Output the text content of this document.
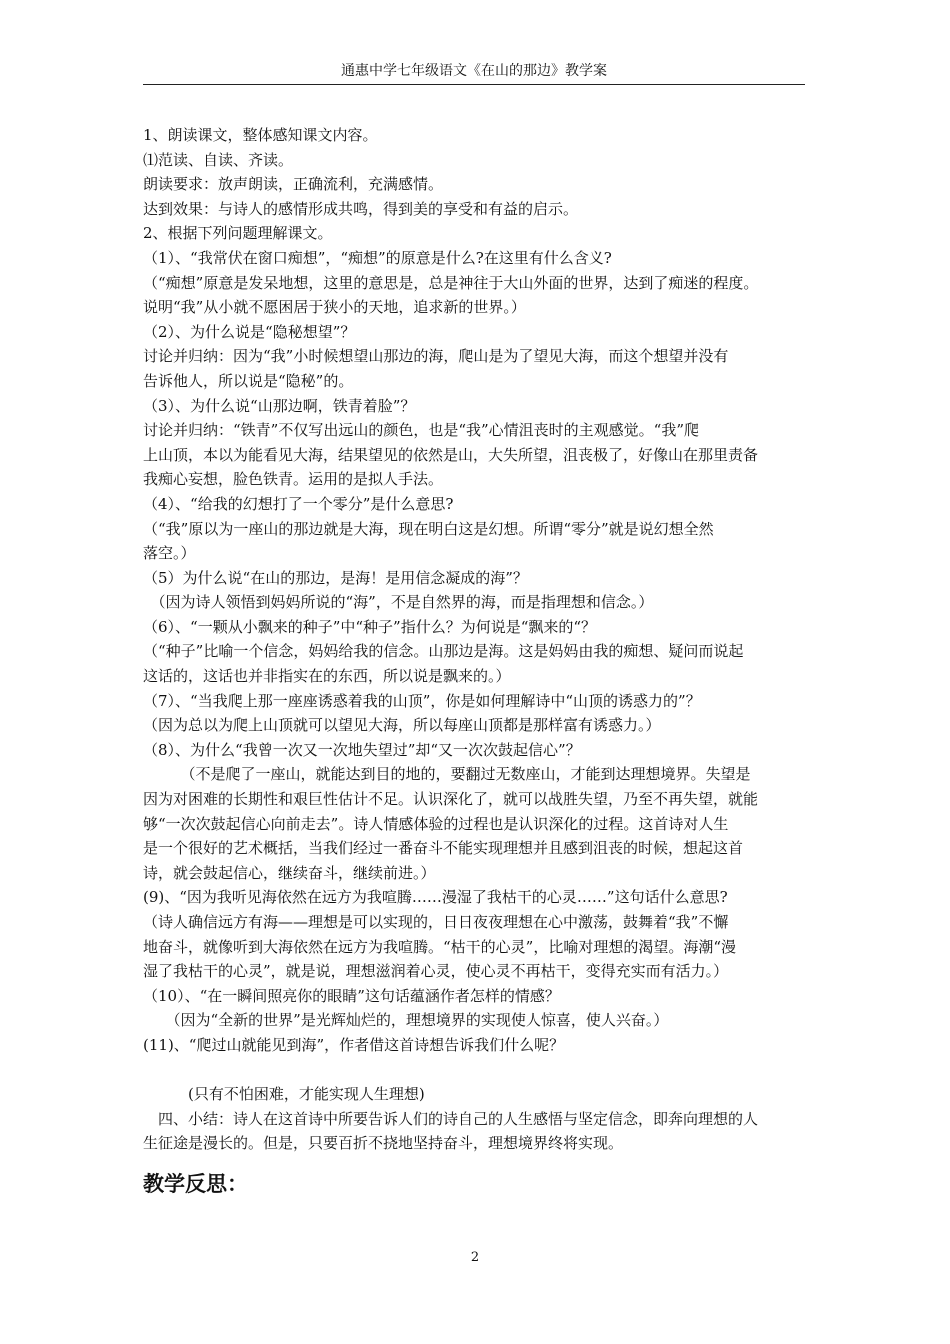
通惠中学七年级语文《在山的那边》教学案
1、朗读课文，整体感知课文内容。
⑴范读、自读、齐读。
朗读要求：放声朗读，正确流利，充满感情。
达到效果：与诗人的感情形成共鸣，得到美的享受和有益的启示。
2、根据下列问题理解课文。
（1）、“我常伏在窗口痴想”，“痴想”的原意是什么?在这里有什么含义?
（“痴想”原意是发呆地想，这里的意思是，总是神往于大山外面的世界，达到了痴迷的程度。
说明“我”从小就不愿困居于狭小的天地，追求新的世界。）
（2）、为什么说是“隐秘想望”？
讨论并归纳：因为“我”小时候想望山那边的海，爬山是为了望见大海，而这个想望并没有
告诉他人，所以说是“隐秘”的。
（3）、为什么说“山那边啊，铁青着脸”？
讨论并归纳：“铁青”不仅写出远山的颜色，也是“我”心情沮丧时的主观感觉。“我”爬
上山顶，本以为能看见大海，结果望见的依然是山，大失所望，沮丧极了，好像山在那里责备
我痴心妄想，脸色铁青。运用的是拟人手法。
（4）、“给我的幻想打了一个零分”是什么意思?
（“我”原以为一座山的那边就是大海，现在明白这是幻想。所谓“零分”就是说幻想全然
落空。）
（5）为什么说“在山的那边，是海！是用信念凝成的海”？
　（因为诗人领悟到妈妈所说的“海”，不是自然界的海，而是指理想和信念。）
（6）、“一颗从小飘来的种子”中“种子”指什么？为何说是“飘来的“？
（“种子”比喻一个信念，妈妈给我的信念。山那边是海。这是妈妈由我的痴想、疑问而说起
这话的，这话也并非指实在的东西，所以说是飘来的。）
（7）、“当我爬上那一座座诱惑着我的山顶”，你是如何理解诗中“山顶的诱惑力的”？
（因为总以为爬上山顶就可以望见大海，所以每座山顶都是那样富有诱惑力。）
（8）、为什么“我曾一次又一次地失望过”却“又一次次鼓起信心”？
　　　（不是爬了一座山，就能达到目的地的，要翻过无数座山，才能到达理想境界。失望是
因为对困难的长期性和艰巨性估计不足。认识深化了，就可以战胜失望，乃至不再失望，就能
够“一次次鼓起信心向前走去”。诗人情感体验的过程也是认识深化的过程。这首诗对人生
是一个很好的艺术概括，当我们经过一番奋斗不能实现理想并且感到沮丧的时候，想起这首
诗，就会鼓起信心，继续奋斗，继续前进。）
(9)、“因为我听见海依然在远方为我喧腾……漫湿了我枯干的心灵……”这句话什么意思?
（诗人确信远方有海——理想是可以实现的，日日夜夜理想在心中激荡，鼓舞着“我”不懈
地奋斗，就像听到大海依然在远方为我喧腾。“枯干的心灵”，比喻对理想的渴望。海潮“漫
湿了我枯干的心灵”，就是说，理想滋润着心灵，使心灵不再枯干，变得充实而有活力。）
（10）、“在一瞬间照亮你的眼睛”这句话蕴涵作者怎样的情感？
　　（因为“全新的世界”是光辉灿烂的，理想境界的实现使人惊喜，使人兴奋。）
(11)、“爬过山就能见到海”，作者借这首诗想告诉我们什么呢？
　　　(只有不怕困难，才能实现人生理想)
　四、小结：诗人在这首诗中所要告诉人们的诗自己的人生感悟与坚定信念，即奔向理想的人
生征途是漫长的。但是，只要百折不挠地坚持奋斗，理想境界终将实现。
教学反思：
2
